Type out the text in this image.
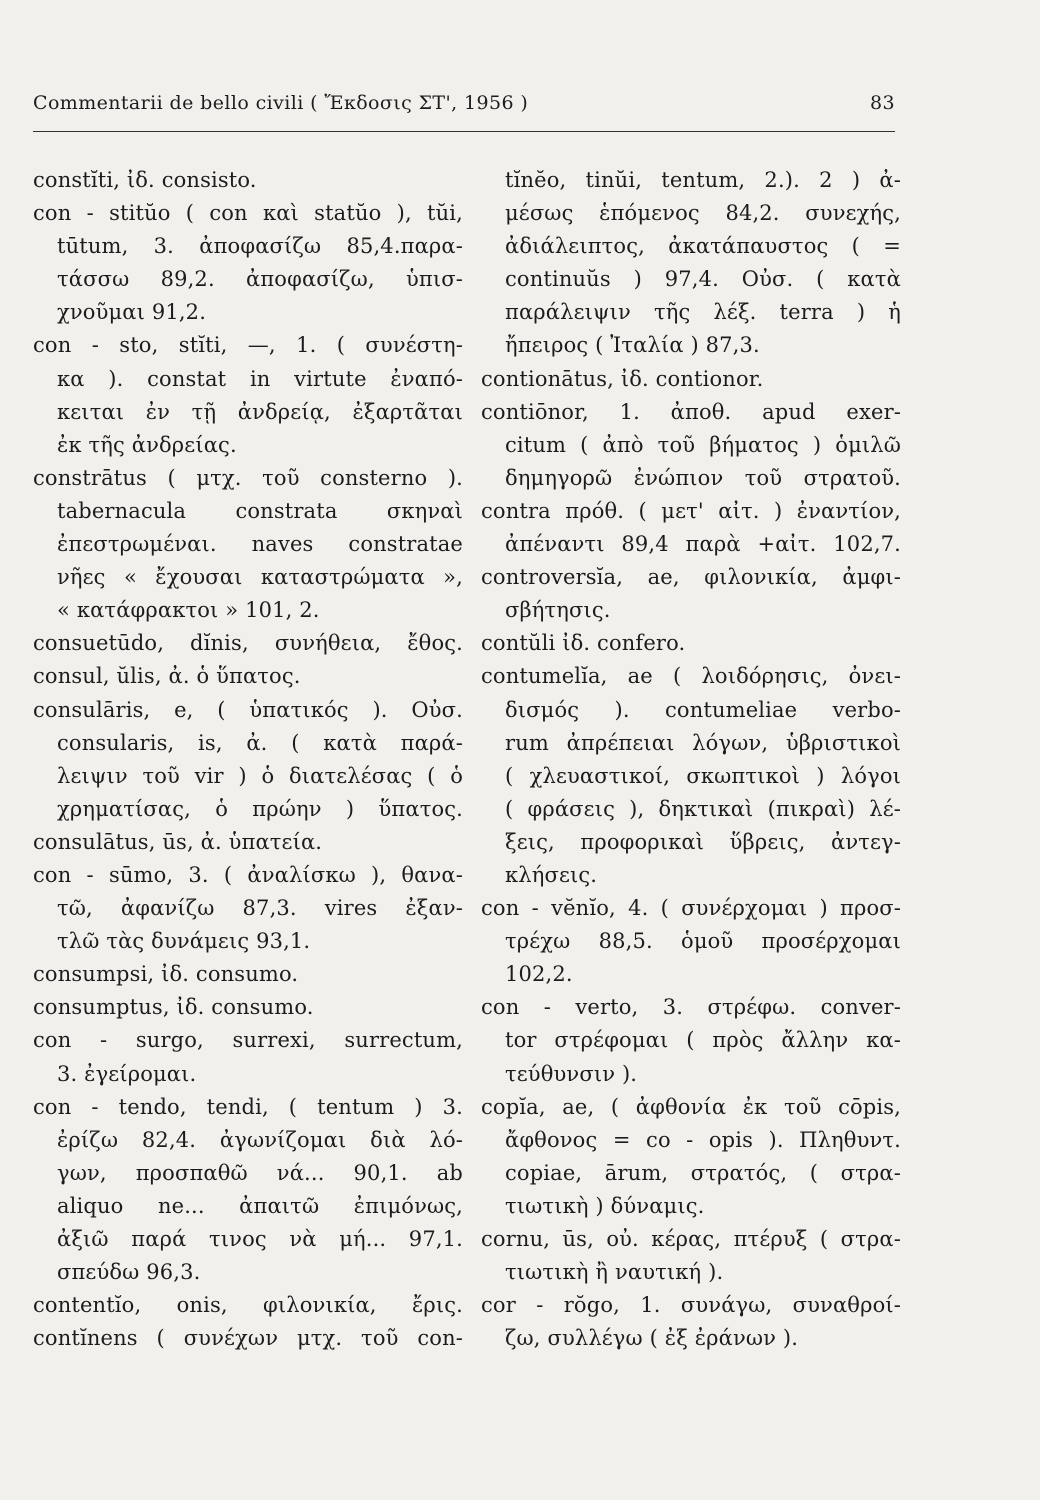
Commentarii de bello civili ( Ἔκδοσις ΣΤ', 1956 )	83
constĭti, ἰδ. consisto.
con - stitŭo ( con καὶ statŭo ), tŭi,
tūtum, 3. ἀποφασίζω 85,4.παρα-
τάσσω 89,2. ἀποφασίζω, ὑπισ-
χνοῦμαι 91,2.
con - sto, stĭti, —, 1. ( συνέστη-
κα ). constat in virtute ἐναπό-
κειται ἐν τῇ ἀνδρείᾳ, ἐξαρτᾶται
ἐκ τῆς ἀνδρείας.
constrātus ( μτχ. τοῦ consterno ).
tabernacula constrata σκηναὶ
ἐπεστρωμέναι. naves constratae
νῆες « ἔχουσαι καταστρώματα »,
« κατάφρακτοι » 101, 2.
consuetūdo, dĭnis, συνήθεια, ἔθος.
consul, ŭlis, ἀ. ὁ ὕπατος.
consulāris, e, ( ὑπατικός ). Οὐσ.
consularis, is, ἀ. ( κατὰ παρά-
λειψιν τοῦ vir ) ὁ διατελέσας ( ὁ
χρηματίσας, ὁ πρώην ) ὕπατος.
consulātus, ūs, ἀ. ὑπατεία.
con - sūmo, 3. ( ἀναλίσκω ), θανα-
τῶ, ἀφανίζω 87,3. vires ἐξαν-
τλῶ τὰς δυνάμεις 93,1.
consumpsi, ἰδ. consumo.
consumptus, ἰδ. consumo.
con - surgo, surrexi, surrectum,
3. ἐγείρομαι.
con - tendo, tendi, ( tentum ) 3.
ἐρίζω 82,4. ἀγωνίζομαι διὰ λό-
γων, προσπαθῶ νά... 90,1. ab
aliquo ne... ἀπαιτῶ ἐπιμόνως,
ἀξιῶ παρά τινος νὰ μή... 97,1.
σπεύδω 96,3.
contentĭo, onis, φιλονικία, ἔρις.
contĭnens ( συνέχων μτχ. τοῦ con-
tĭnĕo, tinŭi, tentum, 2.). 2 ) ἀ-
μέσως ἑπόμενος 84,2. συνεχής,
ἀδιάλειπτος, ἀκατάπαυστος ( =
continuŭs ) 97,4. Οὐσ. ( κατὰ
παράλειψιν τῆς λέξ. terra ) ἡ
ἤπειρος ( Ἰταλία ) 87,3.
contionātus, ἰδ. contionor.
contiōnor, 1. ἀποθ. apud exer-
citum ( ἀπὸ τοῦ βήματος ) ὁμιλῶ
δημηγορῶ ἐνώπιον τοῦ στρατοῦ.
contra πρόθ. ( μετ' αἰτ. ) ἐναντίον,
ἀπέναντι 89,4 παρὰ +αἰτ. 102,7.
controversĭa, ae, φιλονικία, ἀμφι-
σβήτησις.
contŭli ἰδ. confero.
contumelĭa, ae ( λοιδόρησις, ὀνει-
δισμός ). contumeliae verbo-
rum ἀπρέπειαι λόγων, ὑβριστικοὶ
( χλευαστικοί, σκωπτικοὶ ) λόγοι
( φράσεις ), δηκτικαὶ (πικραὶ) λέ-
ξεις, προφορικαὶ ὕβρεις, ἀντεγ-
κλήσεις.
con - vĕnĭo, 4. ( συνέρχομαι ) προσ-
τρέχω 88,5. ὁμοῦ προσέρχομαι
102,2.
con - verto, 3. στρέφω. conver-
tor στρέφομαι ( πρὸς ἄλλην κα-
τεύθυνσιν ).
copĭa, ae, ( ἀφθονία ἐκ τοῦ cōpis,
ἄφθονος = co - opis ). Πληθυντ.
copiae, ārum, στρατός, ( στρα-
τιωτικὴ ) δύναμις.
cornu, ūs, οὐ. κέρας, πτέρυξ ( στρα-
τιωτικὴ ἢ ναυτική ).
cor - rŏgo, 1. συνάγω, συναθροί-
ζω, συλλέγω ( ἐξ ἐράνων ).
